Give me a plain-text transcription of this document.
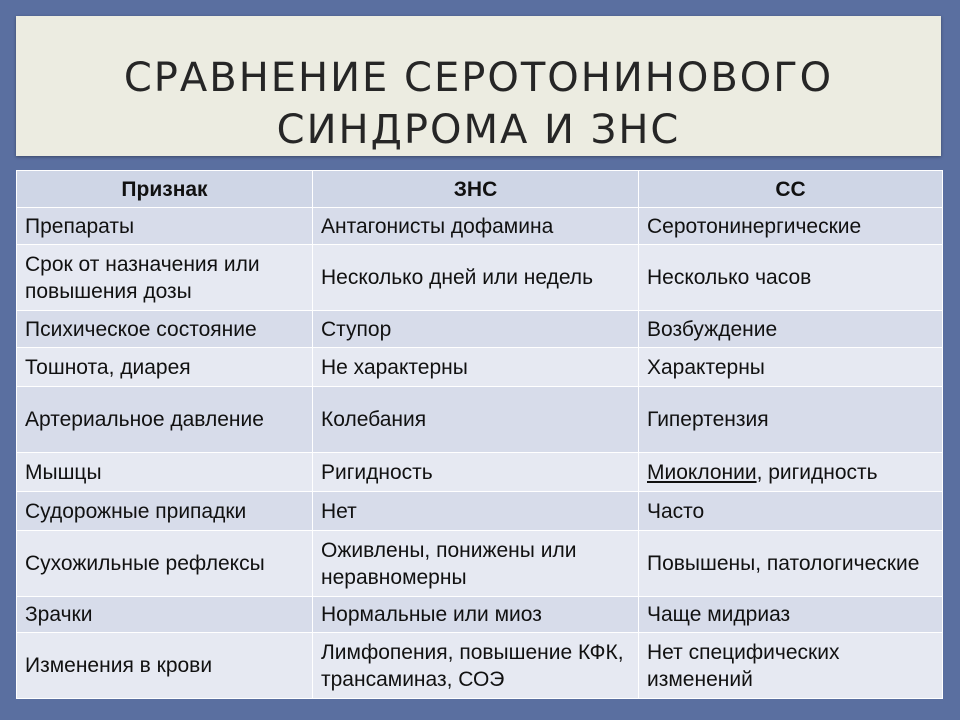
СРАВНЕНИЕ СЕРОТОНИНОВОГО
СИНДРОМА И ЗНС
Признак	ЗНС	СС
Препараты	Антагонисты дофамина	Серотонинергические
Срок от назначения или повышения дозы	Несколько дней или недель	Несколько часов
Психическое состояние	Ступор	Возбуждение
Тошнота, диарея	Не характерны	Характерны
Артериальное давление	Колебания	Гипертензия
Мышцы	Ригидность	Миоклонии, ригидность
Судорожные припадки	Нет	Часто
Сухожильные рефлексы	Оживлены, понижены или неравномерны	Повышены, патологические
Зрачки	Нормальные или миоз	Чаще мидриаз
Изменения в крови	Лимфопения, повышение КФК, трансаминаз, СОЭ	Нет специфических изменений
